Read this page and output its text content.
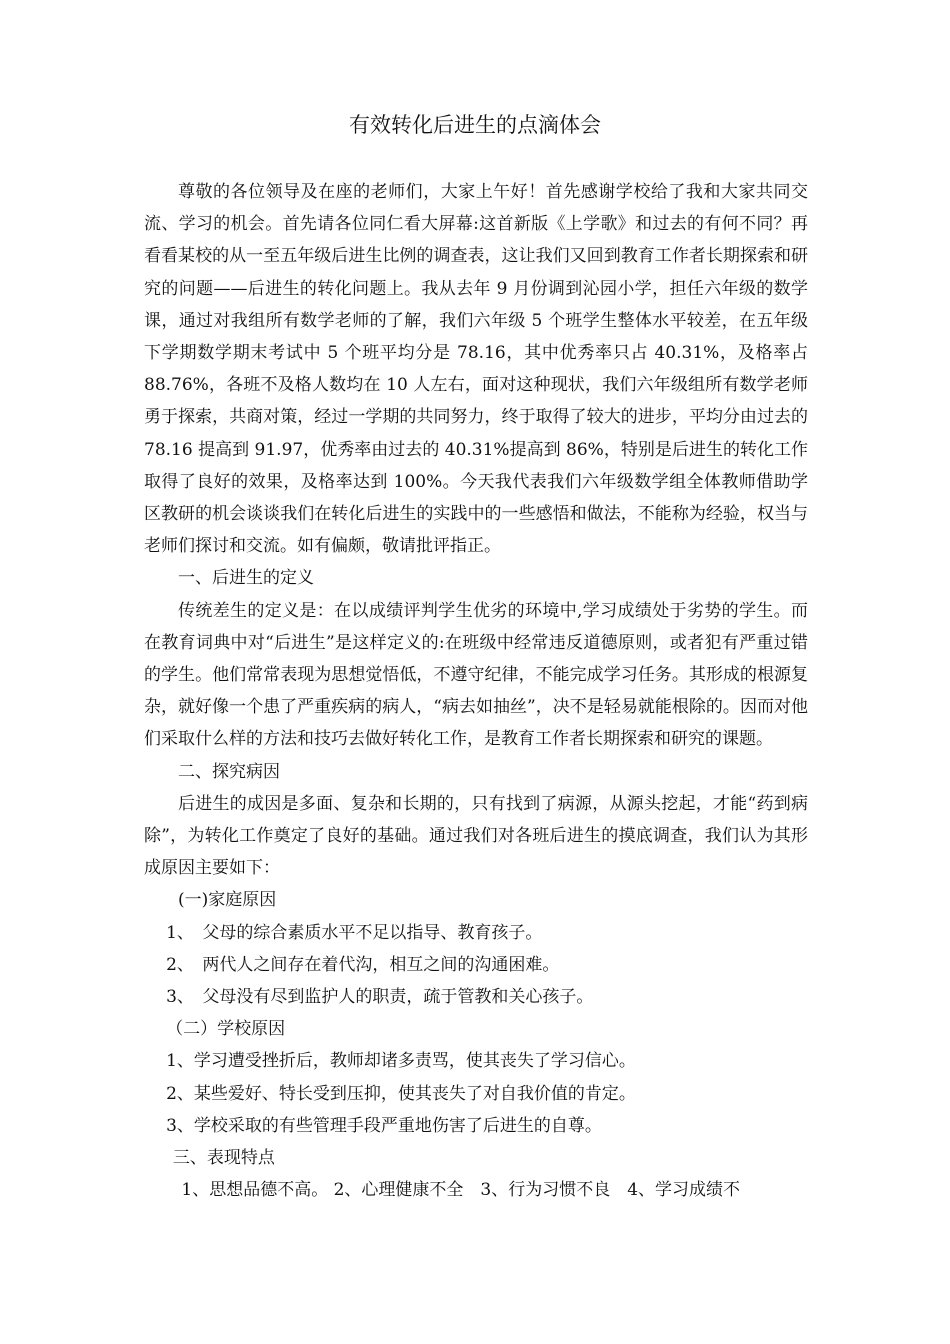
有效转化后进生的点滴体会

尊敬的各位领导及在座的老师们，大家上午好！首先感谢学校给了我和大家共同交流、学习的机会。首先请各位同仁看大屏幕:这首新版《上学歌》和过去的有何不同？再看看某校的从一至五年级后进生比例的调查表，这让我们又回到教育工作者长期探索和研究的问题——后进生的转化问题上。我从去年 9 月份调到沁园小学，担任六年级的数学课，通过对我组所有数学老师的了解，我们六年级 5 个班学生整体水平较差，在五年级下学期数学期末考试中 5 个班平均分是 78.16，其中优秀率只占 40.31%，及格率占 88.76%，各班不及格人数均在 10 人左右，面对这种现状，我们六年级组所有数学老师勇于探索，共商对策，经过一学期的共同努力，终于取得了较大的进步，平均分由过去的 78.16 提高到 91.97，优秀率由过去的 40.31%提高到 86%，特别是后进生的转化工作取得了良好的效果，及格率达到 100%。今天我代表我们六年级数学组全体教师借助学区教研的机会谈谈我们在转化后进生的实践中的一些感悟和做法，不能称为经验，权当与老师们探讨和交流。如有偏颇，敬请批评指正。

一、后进生的定义

传统差生的定义是：在以成绩评判学生优劣的环境中,学习成绩处于劣势的学生。而在教育词典中对“后进生”是这样定义的:在班级中经常违反道德原则，或者犯有严重过错的学生。他们常常表现为思想觉悟低，不遵守纪律，不能完成学习任务。其形成的根源复杂，就好像一个患了严重疾病的病人，“病去如抽丝”，决不是轻易就能根除的。因而对他们采取什么样的方法和技巧去做好转化工作，是教育工作者长期探索和研究的课题。

二、探究病因

后进生的成因是多面、复杂和长期的，只有找到了病源，从源头挖起，才能“药到病　除”，为转化工作奠定了良好的基础。通过我们对各班后进生的摸底调查，我们认为其形成原因主要如下：

(一)家庭原因

1、　父母的综合素质水平不足以指导、教育孩子。

2、　两代人之间存在着代沟，相互之间的沟通困难。

3、　父母没有尽到监护人的职责，疏于管教和关心孩子。

（二）学校原因

1、学习遭受挫折后，教师却诸多责骂，使其丧失了学习信心。

2、某些爱好、特长受到压抑，使其丧失了对自我价值的肯定。

3、学校采取的有些管理手段严重地伤害了后进生的自尊。

三、表现特点

1、思想品德不高。 2、心理健康不全　3、行为习惯不良　4、学习成绩不
